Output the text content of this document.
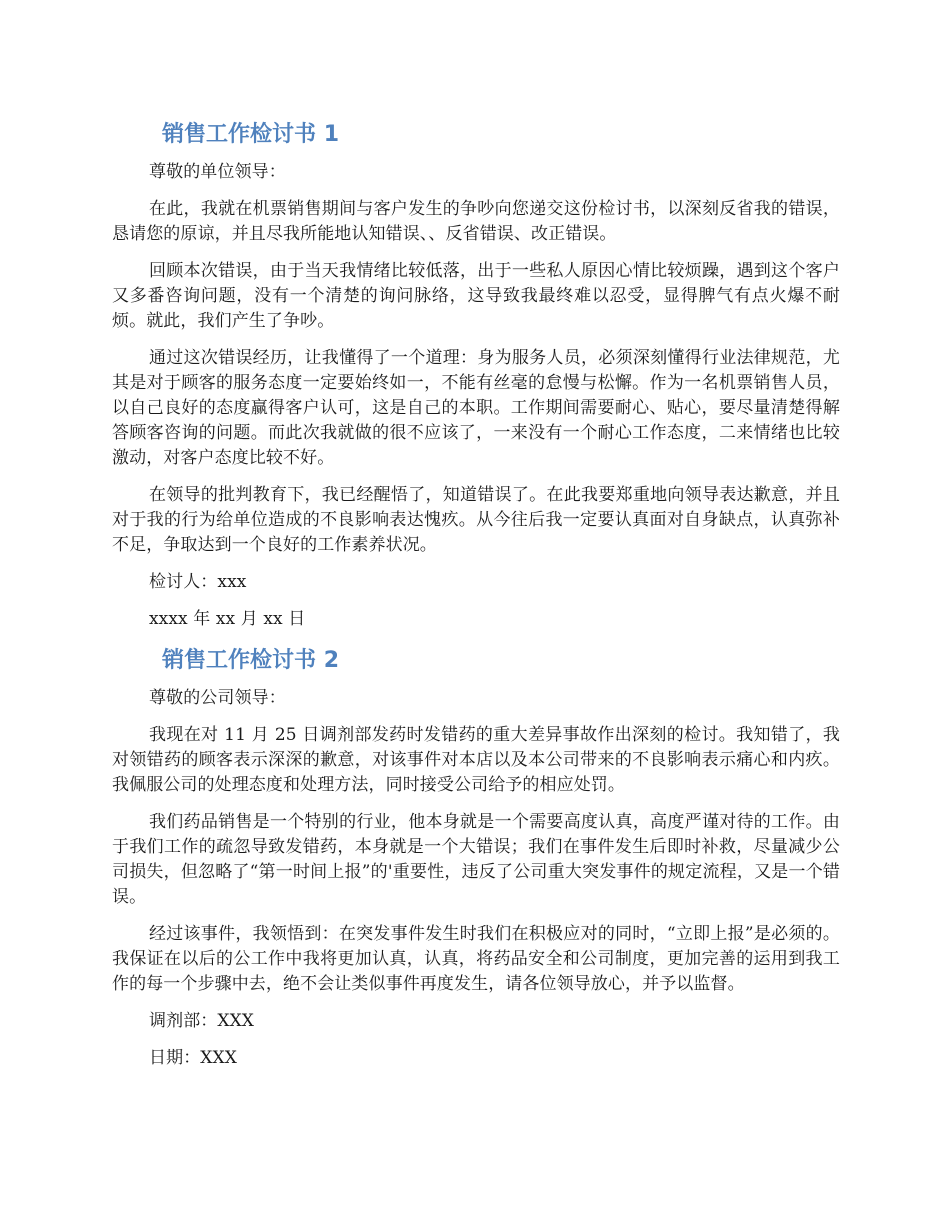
销售工作检讨书 1

尊敬的单位领导：

在此，我就在机票销售期间与客户发生的争吵向您递交这份检讨书，以深刻反省我的错误，恳请您的原谅，并且尽我所能地认知错误、、反省错误、改正错误。

回顾本次错误，由于当天我情绪比较低落，出于一些私人原因心情比较烦躁，遇到这个客户又多番咨询问题，没有一个清楚的询问脉络，这导致我最终难以忍受，显得脾气有点火爆不耐烦。就此，我们产生了争吵。

通过这次错误经历，让我懂得了一个道理：身为服务人员，必须深刻懂得行业法律规范，尤其是对于顾客的服务态度一定要始终如一，不能有丝毫的怠慢与松懈。作为一名机票销售人员，以自己良好的态度赢得客户认可，这是自己的本职。工作期间需要耐心、贴心，要尽量清楚得解答顾客咨询的问题。而此次我就做的很不应该了，一来没有一个耐心工作态度，二来情绪也比较激动，对客户态度比较不好。

在领导的批判教育下，我已经醒悟了，知道错误了。在此我要郑重地向领导表达歉意，并且对于我的行为给单位造成的不良影响表达愧疚。从今往后我一定要认真面对自身缺点，认真弥补不足，争取达到一个良好的工作素养状况。

检讨人：xxx

xxxx 年 xx 月 xx 日

销售工作检讨书 2

尊敬的公司领导：

我现在对 11 月 25 日调剂部发药时发错药的重大差异事故作出深刻的检讨。我知错了，我对领错药的顾客表示深深的歉意，对该事件对本店以及本公司带来的不良影响表示痛心和内疚。我佩服公司的处理态度和处理方法，同时接受公司给予的相应处罚。

我们药品销售是一个特别的行业，他本身就是一个需要高度认真，高度严谨对待的工作。由于我们工作的疏忽导致发错药，本身就是一个大错误；我们在事件发生后即时补救，尽量减少公司损失，但忽略了“第一时间上报”的'重要性，违反了公司重大突发事件的规定流程，又是一个错误。

经过该事件，我领悟到：在突发事件发生时我们在积极应对的同时，“立即上报”是必须的。我保证在以后的公工作中我将更加认真，认真，将药品安全和公司制度，更加完善的运用到我工作的每一个步骤中去，绝不会让类似事件再度发生，请各位领导放心，并予以监督。

调剂部：XXX

日期：XXX
